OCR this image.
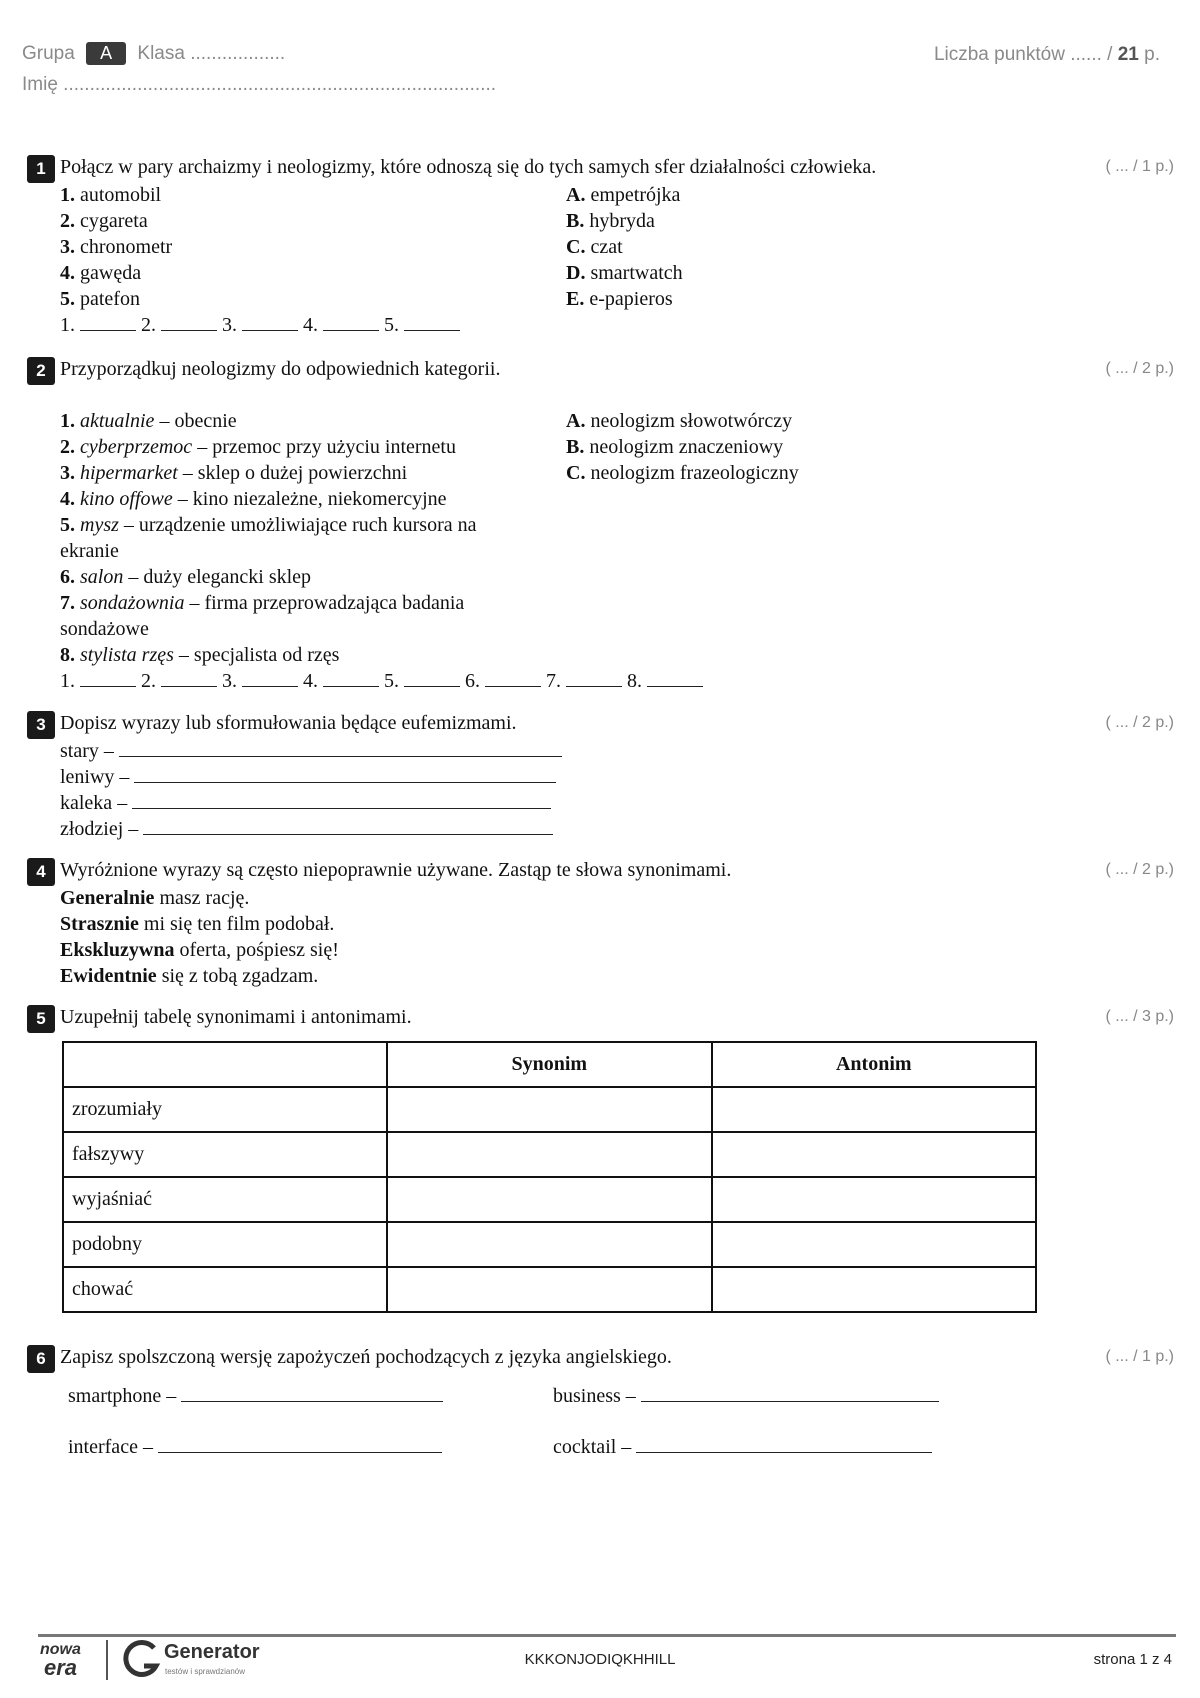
Grupa A Klasa ..................
Imię ..................................................................................
Liczba punktów ...... / 21 p.
1 Połącz w pary archaizmy i neologizmy, które odnoszą się do tych samych sfer działalności człowieka.	( ... / 1 p.)
1. automobil
2. cygareta
3. chronometr
4. gawęda
5. patefon
1.	2.	3.	4.	5.
A. empetrójka
B. hybryda
C. czat
D. smartwatch
E. e-papieros
2 Przyporządkuj neologizmy do odpowiednich kategorii.	( ... / 2 p.)
1. aktualnie – obecnie
2. cyberprzemoc – przemoc przy użyciu internetu
3. hipermarket – sklep o dużej powierzchni
4. kino offowe – kino niezależne, niekomercyjne
5. mysz – urządzenie umożliwiające ruch kursora na
ekranie
6. salon – duży elegancki sklep
7. sondażownia – firma przeprowadzająca badania
sondażowe
8. stylista rzęs – specjalista od rzęs
1.	2.	3.	4.	5.	6.	7.	8.
A. neologizm słowotwórczy
B. neologizm znaczeniowy
C. neologizm frazeologiczny
3 Dopisz wyrazy lub sformułowania będące eufemizmami.	( ... / 2 p.)
stary –
leniwy –
kaleka –
złodziej –
4 Wyróżnione wyrazy są często niepoprawnie używane. Zastąp te słowa synonimami.	( ... / 2 p.)
Generalnie masz rację.
Strasznie mi się ten film podobał.
Ekskluzywna oferta, pośpiesz się!
Ewidentnie się z tobą zgadzam.
5 Uzupełnij tabelę synonimami i antonimami.	( ... / 3 p.)
	Synonim	Antonim
zrozumiały		
fałszywy		
wyjaśniać		
podobny		
chować		
6 Zapisz spolszczoną wersję zapożyczeń pochodzących z języka angielskiego.	( ... / 1 p.)
smartphone –	business –
interface –	cocktail –
nowa
era
Generator
testów i sprawdzianów
KKKONJODIQKHHILL	strona 1 z 4
